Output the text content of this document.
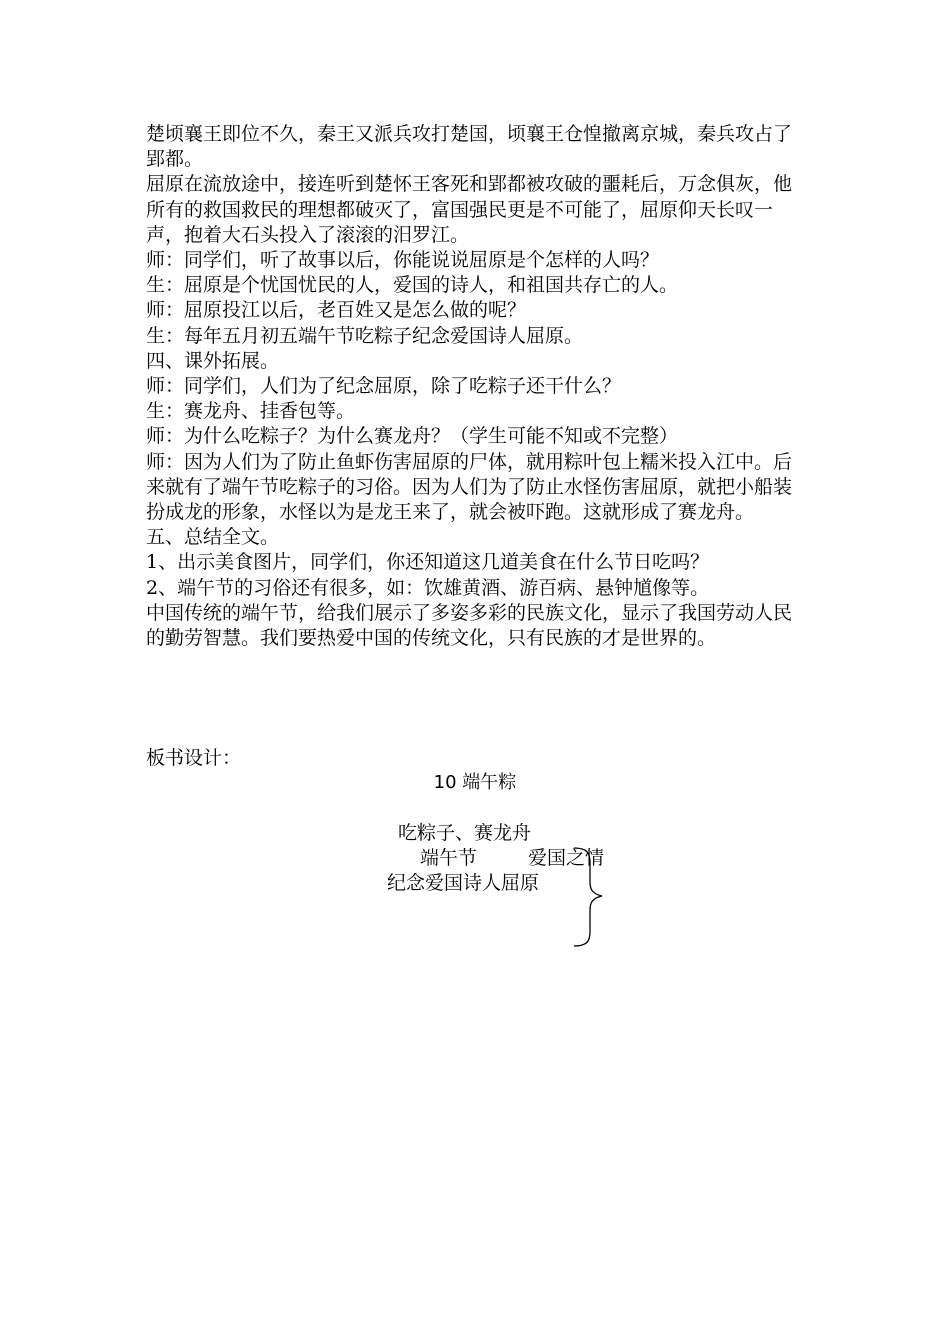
楚顷襄王即位不久，秦王又派兵攻打楚国，顷襄王仓惶撤离京城，秦兵攻占了郢都。

屈原在流放途中，接连听到楚怀王客死和郢都被攻破的噩耗后，万念俱灰，他所有的救国救民的理想都破灭了，富国强民更是不可能了，屈原仰天长叹一声，抱着大石头投入了滚滚的汨罗江。

师：同学们，听了故事以后，你能说说屈原是个怎样的人吗？

生：屈原是个忧国忧民的人，爱国的诗人，和祖国共存亡的人。

师：屈原投江以后，老百姓又是怎么做的呢？

生：每年五月初五端午节吃粽子纪念爱国诗人屈原。

四、课外拓展。

师：同学们，人们为了纪念屈原，除了吃粽子还干什么？

生：赛龙舟、挂香包等。

师：为什么吃粽子？为什么赛龙舟？（学生可能不知或不完整）

师：因为人们为了防止鱼虾伤害屈原的尸体，就用粽叶包上糯米投入江中。后来就有了端午节吃粽子的习俗。因为人们为了防止水怪伤害屈原，就把小船装扮成龙的形象，水怪以为是龙王来了，就会被吓跑。这就形成了赛龙舟。

五、总结全文。

1、出示美食图片，同学们，你还知道这几道美食在什么节日吃吗？

2、端午节的习俗还有很多，如：饮雄黄酒、游百病、悬钟馗像等。

中国传统的端午节，给我们展示了多姿多彩的民族文化，显示了我国劳动人民的勤劳智慧。我们要热爱中国的传统文化，只有民族的才是世界的。

板书设计：
10 端午粽
吃粽子、赛龙舟
端午节	爱国之情
纪念爱国诗人屈原
